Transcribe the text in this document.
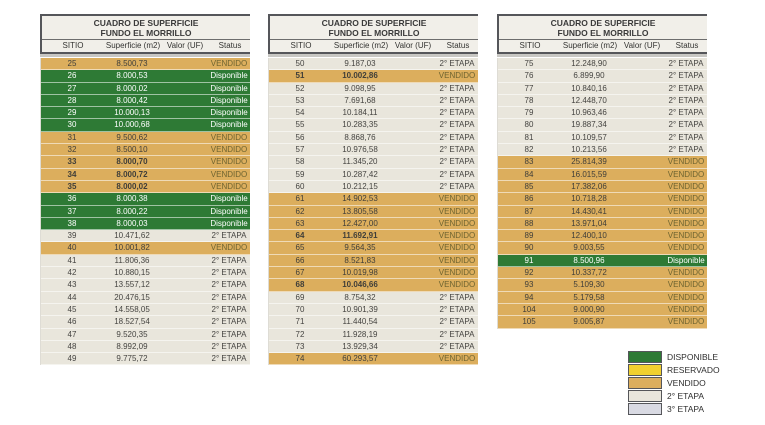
CUADRO DE SUPERFICIE
FUNDO EL MORRILLO
SITIO	Superficie (m2) Valor (UF)	Status
25	8.500,73	VENDIDO
26	8.000,53	Disponible
27	8.000,02	Disponible
28	8.000,42	Disponible
29	10.000,13	Disponible
30	10.000,68	Disponible
31	9.500,62	VENDIDO
32	8.500,10	VENDIDO
33	8.000,70	VENDIDO
34	8.000,72	VENDIDO
35	8.000,02	VENDIDO
36	8.000,38	Disponible
37	8.000,22	Disponible
38	8.000,03	Disponible
39	10.471,62	2° ETAPA
40	10.001,82	VENDIDO
41	11.806,36	2° ETAPA
42	10.880,15	2° ETAPA
43	13.557,12	2° ETAPA
44	20.476,15	2° ETAPA
45	14.558,05	2° ETAPA
46	18.527,54	2° ETAPA
47	9.520,35	2° ETAPA
48	8.992,09	2° ETAPA
49	9.775,72	2° ETAPA
CUADRO DE SUPERFICIE
FUNDO EL MORRILLO
SITIO	Superficie (m2) Valor (UF)	Status
50	9.187,03	2° ETAPA
51	10.002,86	VENDIDO
52	9.098,95	2° ETAPA
53	7.691,68	2° ETAPA
54	10.184,11	2° ETAPA
55	10.283,35	2° ETAPA
56	8.868,76	2° ETAPA
57	10.976,58	2° ETAPA
58	11.345,20	2° ETAPA
59	10.287,42	2° ETAPA
60	10.212,15	2° ETAPA
61	14.902,53	VENDIDO
62	13.805,58	VENDIDO
63	12.427,00	VENDIDO
64	11.692,91	VENDIDO
65	9.564,35	VENDIDO
66	8.521,83	VENDIDO
67	10.019,98	VENDIDO
68	10.046,66	VENDIDO
69	8.754,32	2° ETAPA
70	10.901,39	2° ETAPA
71	11.440,54	2° ETAPA
72	11.928,19	2° ETAPA
73	13.929,34	2° ETAPA
74	60.293,57	VENDIDO
CUADRO DE SUPERFICIE
FUNDO EL MORRILLO
SITIO	Superficie (m2) Valor (UF)	Status
75	12.248,90	2° ETAPA
76	6.899,90	2° ETAPA
77	10.840,16	2° ETAPA
78	12.448,70	2° ETAPA
79	10.963,46	2° ETAPA
80	19.887,34	2° ETAPA
81	10.109,57	2° ETAPA
82	10.213,56	2° ETAPA
83	25.814,39	VENDIDO
84	16.015,59	VENDIDO
85	17.382,06	VENDIDO
86	10.718,28	VENDIDO
87	14.430,41	VENDIDO
88	13.971,04	VENDIDO
89	12.400,10	VENDIDO
90	9.003,55	VENDIDO
91	8.500,96	Disponible
92	10.337,72	VENDIDO
93	5.109,30	VENDIDO
94	5.179,58	VENDIDO
104	9.000,90	VENDIDO
105	9.005,87	VENDIDO
DISPONIBLE
RESERVADO
VENDIDO
2° ETAPA
3° ETAPA
